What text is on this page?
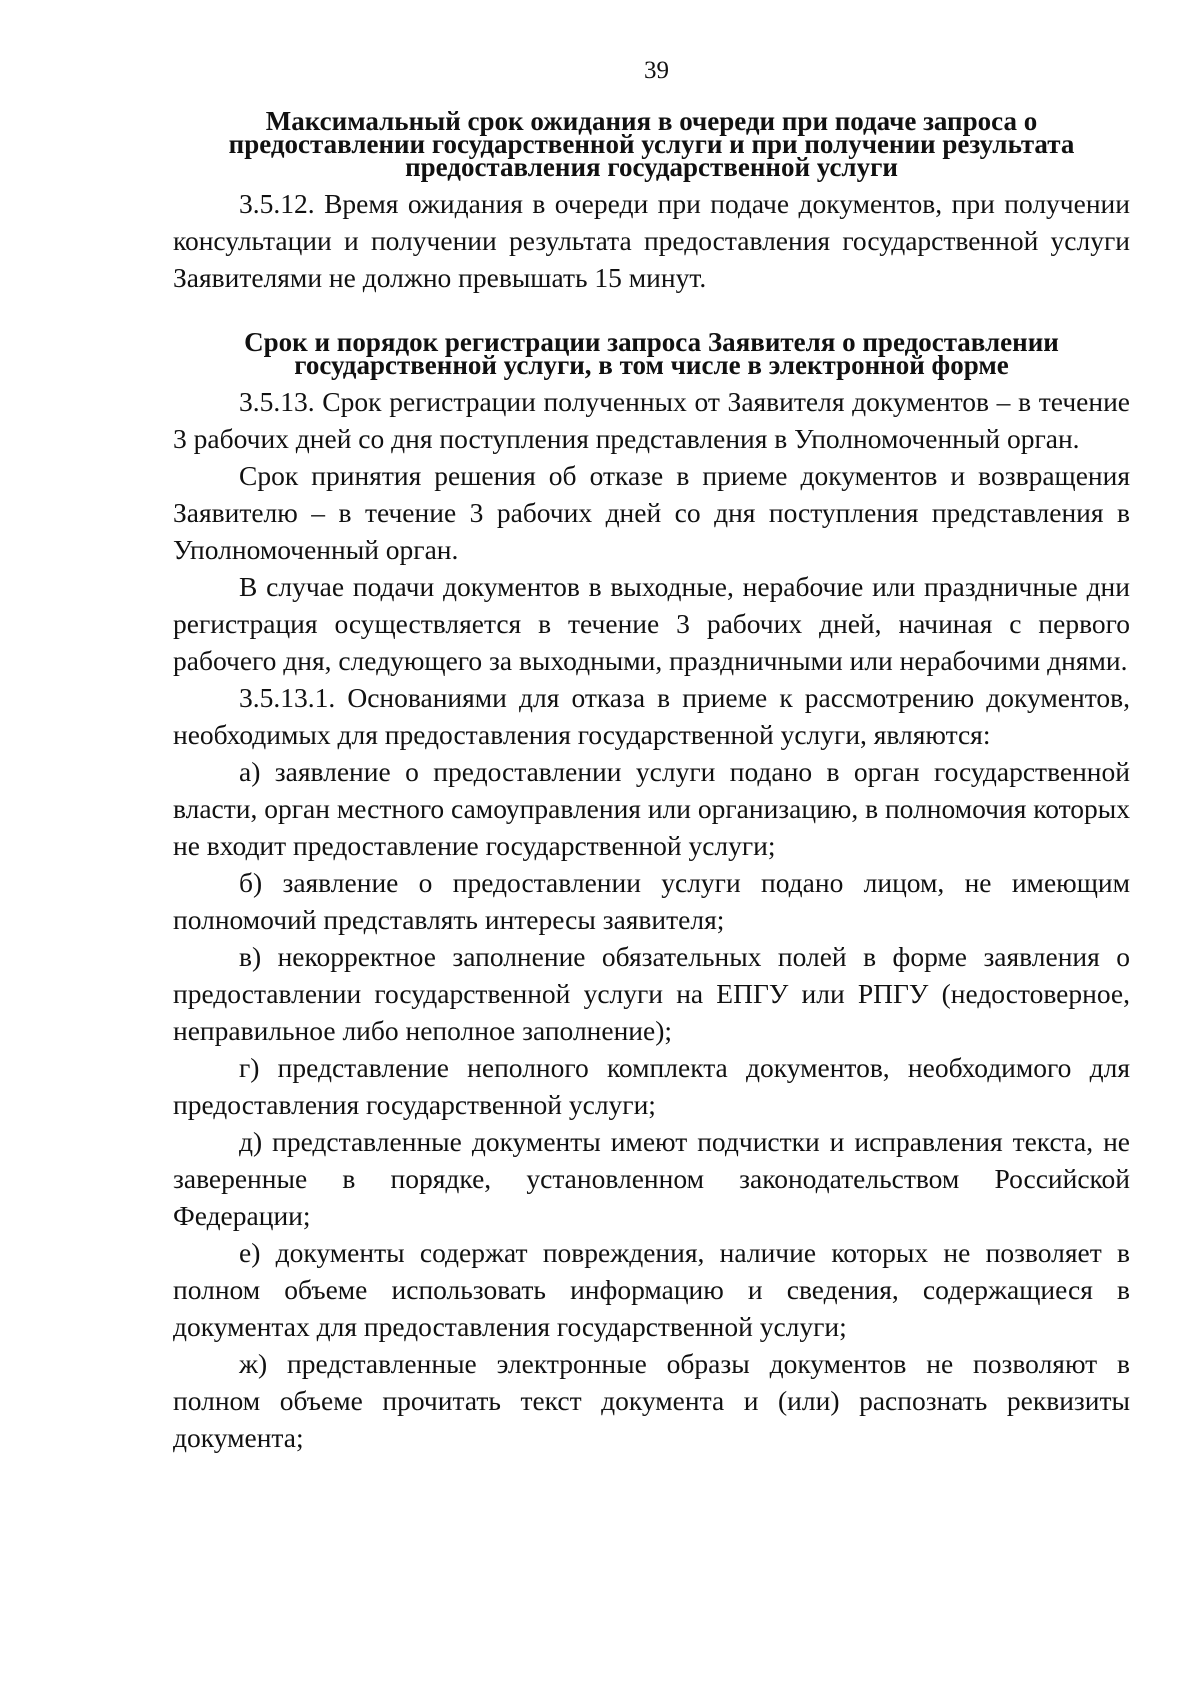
39
Максимальный срок ожидания в очереди при подаче запроса о предоставлении государственной услуги и при получении результата предоставления государственной услуги

3.5.12. Время ожидания в очереди при подаче документов, при получении консультации и получении результата предоставления государственной услуги Заявителями не должно превышать 15 минут.

Срок и порядок регистрации запроса Заявителя о предоставлении государственной услуги, в том числе в электронной форме

3.5.13. Срок регистрации полученных от Заявителя документов – в течение 3 рабочих дней со дня поступления представления в Уполномоченный орган.

Срок принятия решения об отказе в приеме документов и возвращения Заявителю – в течение 3 рабочих дней со дня поступления представления в Уполномоченный орган.

В случае подачи документов в выходные, нерабочие или праздничные дни регистрация осуществляется в течение 3 рабочих дней, начиная с первого рабочего дня, следующего за выходными, праздничными или нерабочими днями.

3.5.13.1. Основаниями для отказа в приеме к рассмотрению документов, необходимых для предоставления государственной услуги, являются:

а) заявление о предоставлении услуги подано в орган государственной власти, орган местного самоуправления или организацию, в полномочия которых не входит предоставление государственной услуги;

б) заявление о предоставлении услуги подано лицом, не имеющим полномочий представлять интересы заявителя;

в) некорректное заполнение обязательных полей в форме заявления о предоставлении государственной услуги на ЕПГУ или РПГУ (недостоверное, неправильное либо неполное заполнение);

г) представление неполного комплекта документов, необходимого для предоставления государственной услуги;

д) представленные документы имеют подчистки и исправления текста, не заверенные в порядке, установленном законодательством Российской Федерации;

е) документы содержат повреждения, наличие которых не позволяет в полном объеме использовать информацию и сведения, содержащиеся в документах для предоставления государственной услуги;

ж) представленные электронные образы документов не позволяют в полном объеме прочитать текст документа и (или) распознать реквизиты документа;
